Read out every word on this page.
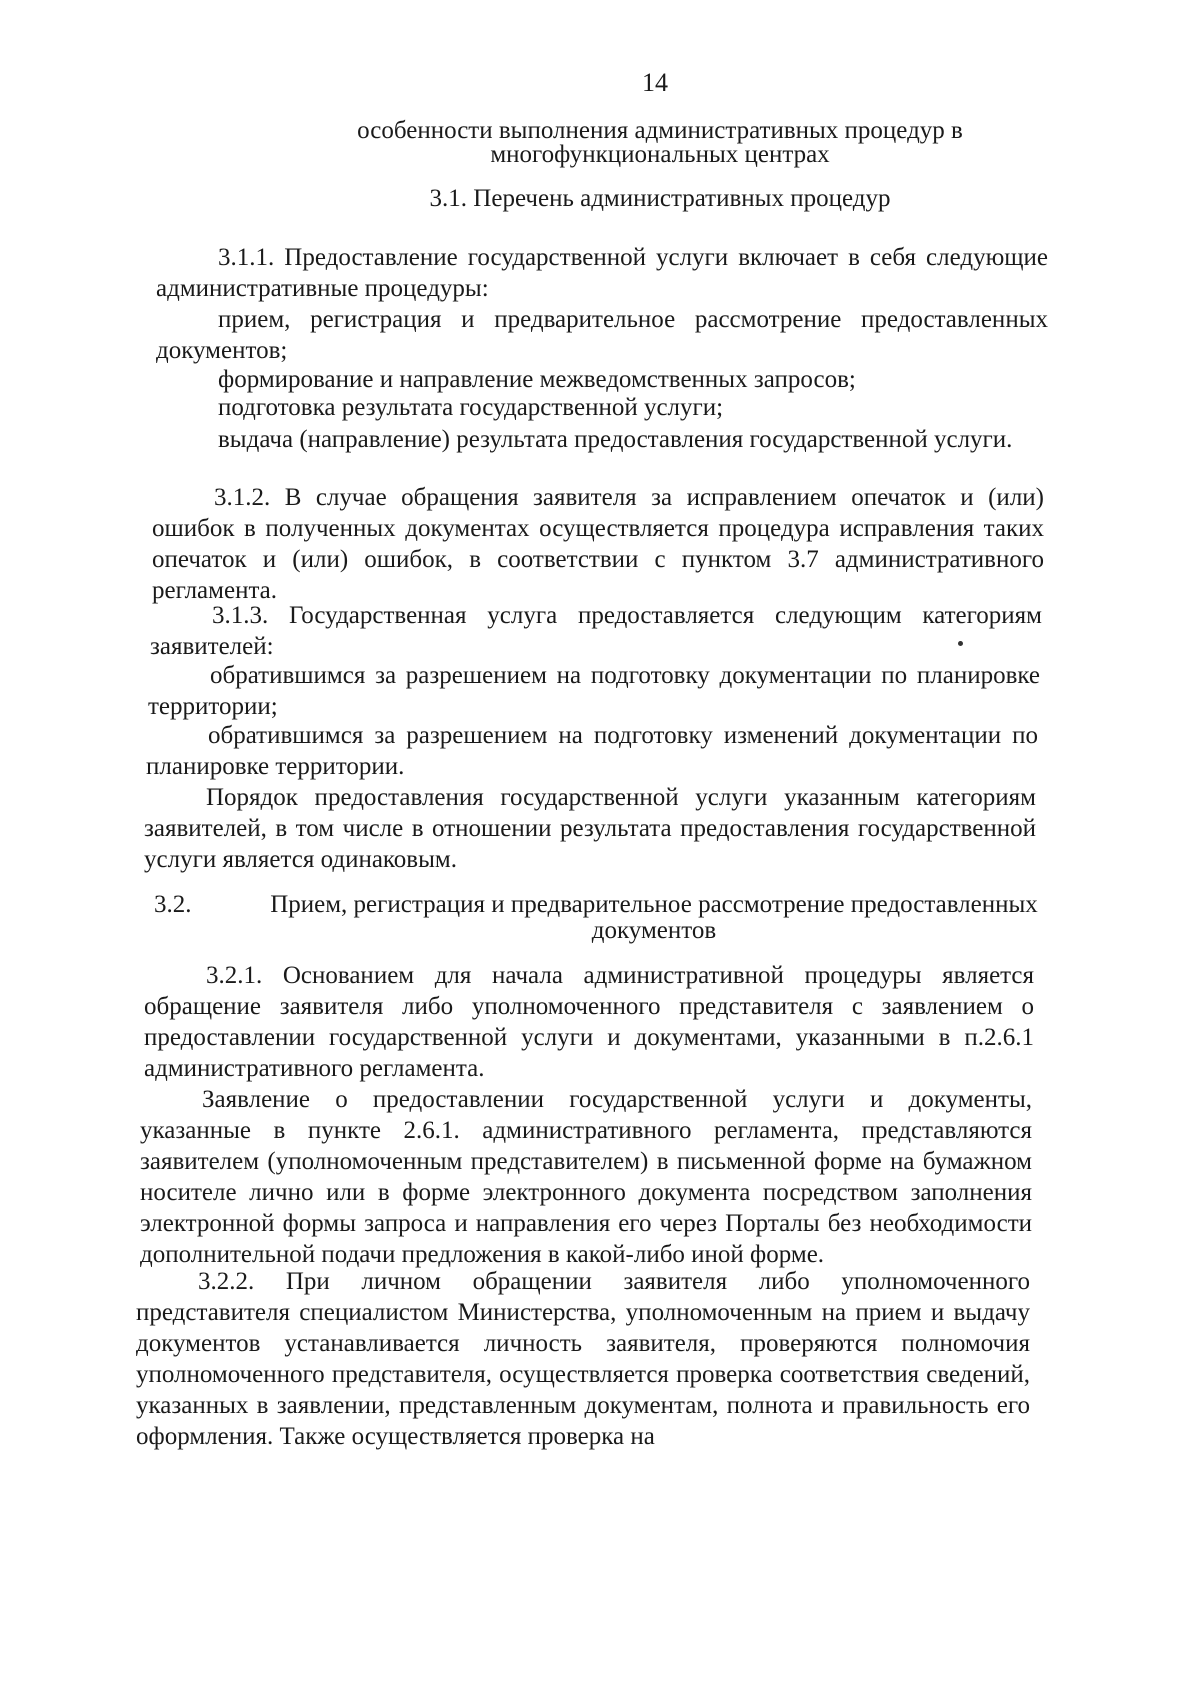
14
особенности выполнения административных процедур в
многофункциональных центрах
3.1. Перечень административных процедур
3.1.1. Предоставление государственной услуги включает в себя следующие административные процедуры:
прием, регистрация и предварительное рассмотрение предоставленных документов;
формирование и направление межведомственных запросов;
подготовка результата государственной услуги;
выдача (направление) результата предоставления государственной услуги.
3.1.2. В случае обращения заявителя за исправлением опечаток и (или) ошибок в полученных документах осуществляется процедура исправления таких опечаток и (или) ошибок, в соответствии с пунктом 3.7 административного регламента.
3.1.3. Государственная услуга предоставляется следующим категориям заявителей:
обратившимся за разрешением на подготовку документации по планировке территории;
обратившимся за разрешением на подготовку изменений документации по планировке территории.
Порядок предоставления государственной услуги указанным категориям заявителей, в том числе в отношении результата предоставления государственной услуги является одинаковым.
3.2.	Прием, регистрация и предварительное рассмотрение предоставленных
документов
3.2.1. Основанием для начала административной процедуры является обращение заявителя либо уполномоченного представителя с заявлением о предоставлении государственной услуги и документами, указанными в п.2.6.1 административного регламента.
Заявление о предоставлении государственной услуги и документы, указанные в пункте 2.6.1. административного регламента, представляются заявителем (уполномоченным представителем) в письменной форме на бумажном носителе лично или в форме электронного документа посредством заполнения электронной формы запроса и направления его через Порталы без необходимости дополнительной подачи предложения в какой-либо иной форме.
3.2.2. При личном обращении заявителя либо уполномоченного представителя специалистом Министерства, уполномоченным на прием и выдачу документов устанавливается личность заявителя, проверяются полномочия уполномоченного представителя, осуществляется проверка соответствия сведений, указанных в заявлении, представленным документам, полнота и правильность его оформления. Также осуществляется проверка на
